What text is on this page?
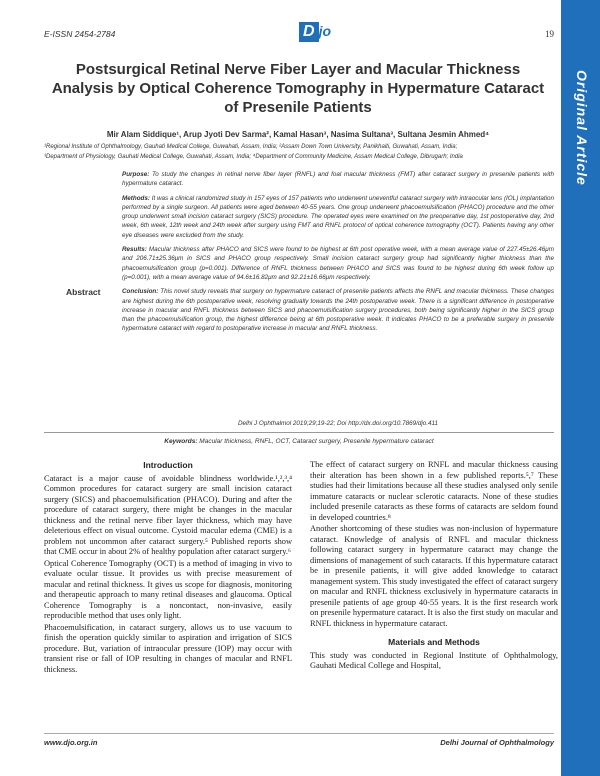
Original Article
E-ISSN 2454-2784	D jo	19
Postsurgical Retinal Nerve Fiber Layer and Macular Thickness Analysis by Optical Coherence Tomography in Hypermature Cataract of Presenile Patients
Mir Alam Siddique¹, Arup Jyoti Dev Sarma², Kamal Hasan³, Nasima Sultana³, Sultana Jesmin Ahmed⁴
¹Regional Institute of Ophthalmology, Gauhati Medical College, Guwahati, Assam, India; ²Assam Down Town University, Panikhaiti, Guwahati, Assam, India;
³Department of Physiology, Gauhati Medical College, Guwahati, Assam, India; ⁴Department of Community Medicine, Assam Medical College, Dibrugarh; India
Abstract

Purpose: To study the changes in retinal nerve fiber layer (RNFL) and foal macular thickness (FMT) after cataract surgery in presenile patients with hypermature cataract.

Methods: It was a clinical randomized study in 157 eyes of 157 patients who underwent uneventful cataract surgery with intraocular lens (IOL) implantation performed by a single surgeon. All patients were aged between 40-55 years. One group underwent phacoemulsification (PHACO) procedure and the other group underwent small incision cataract surgery (SICS) procedure. The operated eyes were examined on the preoperative day, 1st postoperative day, 2nd week, 6th week, 12th week and 24th week after surgery using FMT and RNFL protocol of optical coherence tomography (OCT). Patients having any other eye diseases were excluded from the study.

Results: Macular thickness after PHACO and SICS were found to be highest at 6th post operative week, with a mean average value of 227.45±26.46μm and 206.71±25.36μm in SICS and PHACO group respectively. Small incision cataract surgery group had significantly higher thickness than the phacoemulsification group (p=0.001). Difference of RNFL thickness between PHACO and SICS was found to be highest during 6th week follow up (p=0.001), with a mean average value of 94.6±16.82μm and 92.21±16.66μm respectively.

Conclusion: This novel study reveals that surgery on hypermature cataract of presenile patients affects the RNFL and macular thickness. These changes are highest during the 6th postoperative week, resolving gradually towards the 24th postoperative week. There is a significant difference in postoperative increase in macular and RNFL thickness between SICS and phacoemulsification surgery procedures, both being significantly higher in the SICS group than the phacoemulsification group, the highest difference being at 6th postoperative week. It indicates PHACO to be a preferable surgery in presenile hypermature cataract with regard to postoperative increase in macular and RNFL thickness.

Delhi J Ophthalmol 2019;29;19-22; Doi http://dx.doi.org/10.7869/djo.411
Keywords: Macular thickness, RNFL, OCT, Cataract surgery, Presenile hypermature cataract
Introduction

Cataract is a major cause of avoidable blindness worldwide.¹,²,³,⁴ Common procedures for cataract surgery are small incision cataract surgery (SICS) and phacoemulsification (PHACO). During and after the procedure of cataract surgery, there might be changes in the macular thickness and the retinal nerve fiber layer thickness, which may have deleterious effect on visual outcome. Cystoid macular edema (CME) is a problem not uncommon after cataract surgery.⁵ Published reports show that CME occur in about 2% of healthy population after cataract surgery.⁶

Optical Coherence Tomography (OCT) is a method of imaging in vivo to evaluate ocular tissue. It provides us with precise measurement of macular and retinal thickness. It gives us scope for diagnosis, monitoring and therapeutic approach to many retinal diseases and glaucoma. Optical Coherence Tomography is a noncontact, non-invasive, easily reproducible method that uses only light.

Phacoemulsification, in cataract surgery, allows us to use vacuum to finish the operation quickly similar to aspiration and irrigation of SICS procedure. But, variation of intraocular pressure (IOP) may occur with transient rise or fall of IOP resulting in changes of macular and RNFL thickness.

The effect of cataract surgery on RNFL and macular thickness causing their alteration has been shown in a few published reports.⁵,⁷ These studies had their limitations because all these studies analysed only senile immature cataracts or nuclear sclerotic cataracts. None of these studies included presenile cataracts as these forms of cataracts are seldom found in developed countries.⁸

Another shortcoming of these studies was non-inclusion of hypermature cataract. Knowledge of analysis of RNFL and macular thickness following cataract surgery in hypermature cataract may change the dimensions of management of such cataracts. If this hypermature cataract be in presenile patients, it will give added knowledge to cataract management system. This study investigated the effect of cataract surgery on macular and RNFL thickness exclusively in hypermature cataracts in presenile patients of age group 40-55 years. It is the first research work on presenile hypermature cataract. It is also the first study on macular and RNFL thickness in hypermature cataract.

Materials and Methods

This study was conducted in Regional Institute of Ophthalmology, Gauhati Medical College and Hospital,

www.djo.org.in	Delhi Journal of Ophthalmology
